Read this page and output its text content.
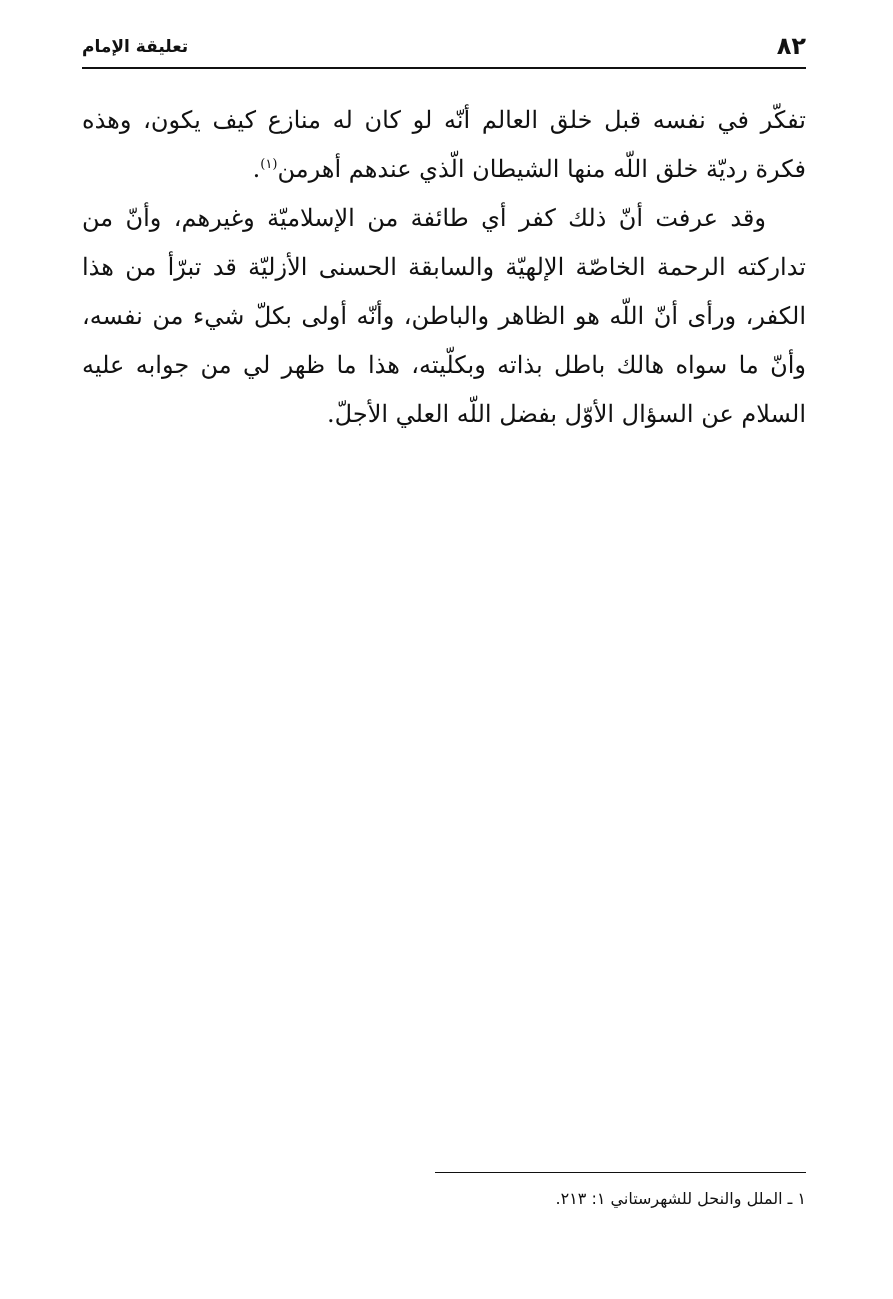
٨٢
تعليقة الإمام

تفكّر في نفسه قبل خلق العالم أنّه لو كان له منازع كيف يكون، وهذه فكرة رديّة خلق اللّه منها الشيطان الّذي عندهم أهرمن$^{(١)}$.

وقد عرفت أنّ ذلك كفر أي طائفة من الإسلاميّة وغيرهم، وأنّ من تداركته الرحمة الخاصّة الإلهيّة والسابقة الحسنى الأزليّة قد تبرّأ من هذا الكفر، ورأى أنّ اللّه هو الظاهر والباطن، وأنّه أولى بكلّ شيء من نفسه، وأنّ ما سواه هالك باطل بذاته وبكلّيته، هذا ما ظهر لي من جوابه عليه السلام عن السؤال الأوّل بفضل اللّه العلي الأجلّ.

١ ـ الملل والنحل للشهرستاني ١: ٢١٣.
